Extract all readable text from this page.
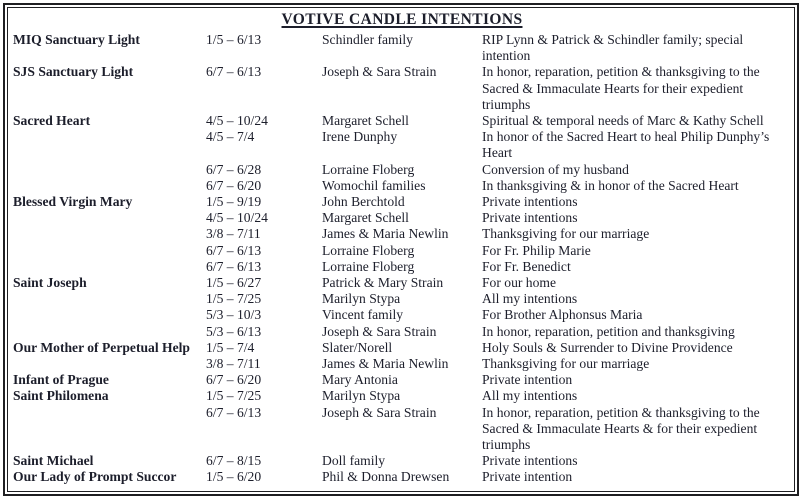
VOTIVE CANDLE INTENTIONS
MIQ Sanctuary Light	1/5 – 6/13	Schindler family	RIP Lynn & Patrick & Schindler family; special intention
SJS Sanctuary Light	6/7 – 6/13	Joseph & Sara Strain	In honor, reparation, petition & thanksgiving to the Sacred & Immaculate Hearts for their expedient triumphs
Sacred Heart	4/5 – 10/24	Margaret Schell	Spiritual & temporal needs of Marc & Kathy Schell
4/5 – 7/4	Irene Dunphy	In honor of the Sacred Heart to heal Philip Dunphy’s Heart
6/7 – 6/28	Lorraine Floberg	Conversion of my husband
6/7 – 6/20	Womochil families	In thanksgiving & in honor of the Sacred Heart
Blessed Virgin Mary	1/5 – 9/19	John Berchtold	Private intentions
4/5 – 10/24	Margaret Schell	Private intentions
3/8 – 7/11	James & Maria Newlin	Thanksgiving for our marriage
6/7 – 6/13	Lorraine Floberg	For Fr. Philip Marie
6/7 – 6/13	Lorraine Floberg	For Fr. Benedict
Saint Joseph	1/5 – 6/27	Patrick & Mary Strain	For our home
1/5 – 7/25	Marilyn Stypa	All my intentions
5/3 – 10/3	Vincent family	For Brother Alphonsus Maria
5/3 – 6/13	Joseph & Sara Strain	In honor, reparation, petition and thanksgiving
Our Mother of Perpetual Help	1/5 – 7/4	Slater/Norell	Holy Souls & Surrender to Divine Providence
3/8 – 7/11	James & Maria Newlin	Thanksgiving for our marriage
Infant of Prague	6/7 – 6/20	Mary Antonia	Private intention
Saint Philomena	1/5 – 7/25	Marilyn Stypa	All my intentions
6/7 – 6/13	Joseph & Sara Strain	In honor, reparation, petition & thanksgiving to the Sacred & Immaculate Hearts & for their expedient triumphs
Saint Michael	6/7 – 8/15	Doll family	Private intentions
Our Lady of Prompt Succor	1/5 – 6/20	Phil & Donna Drewsen	Private intention
